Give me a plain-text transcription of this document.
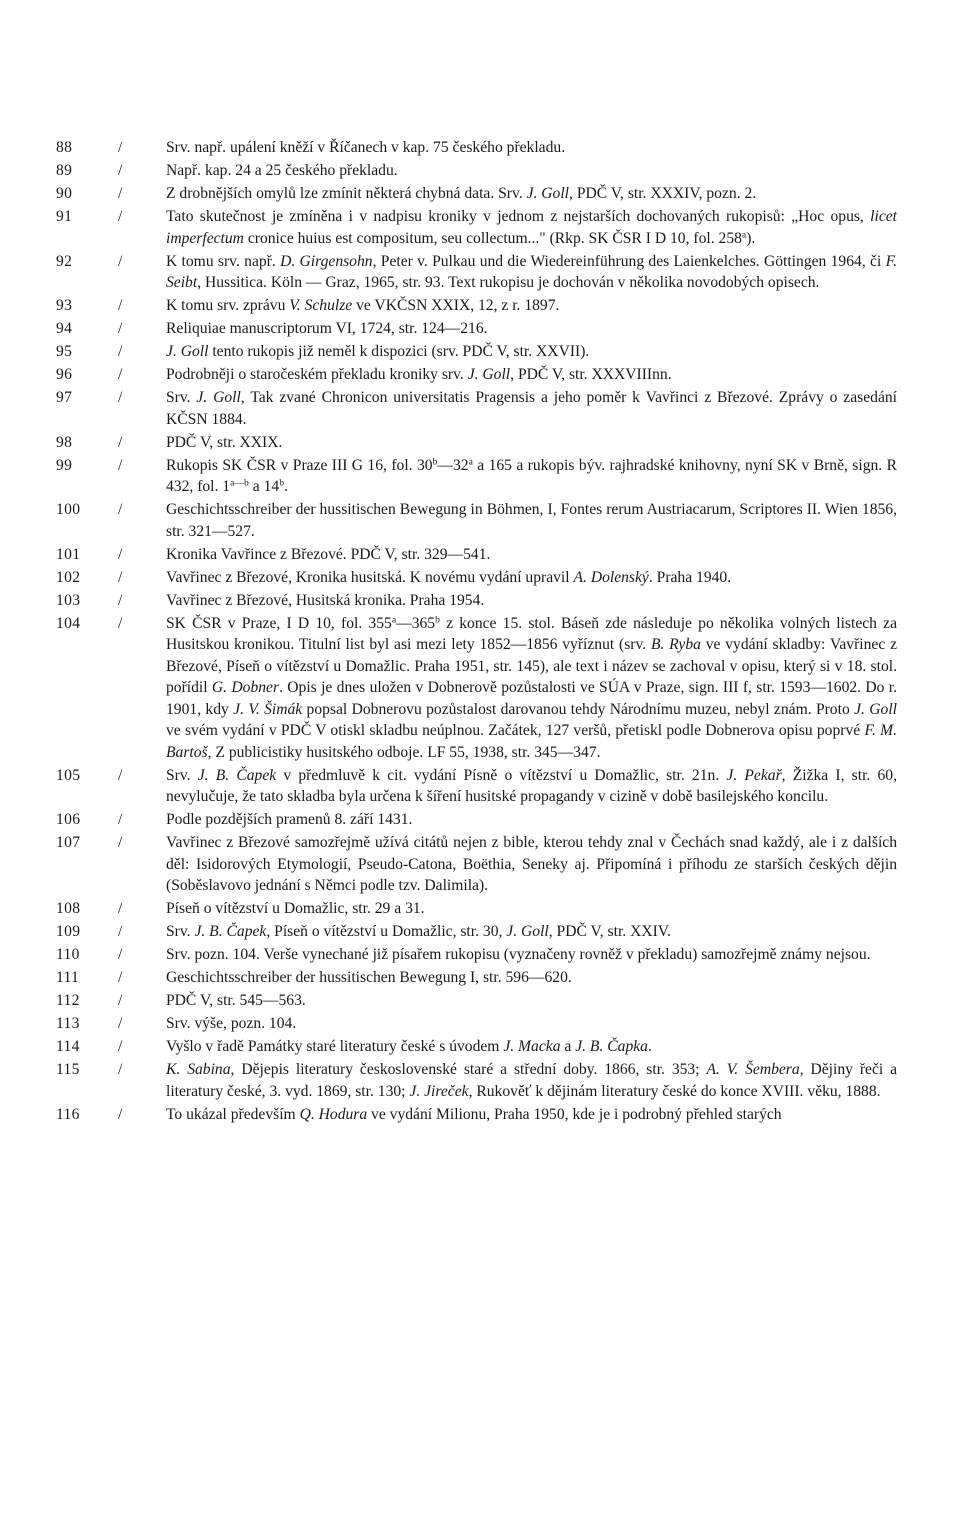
88	/	Srv. např. upálení kněží v Říčanech v kap. 75 českého překladu.
89	/	Např. kap. 24 a 25 českého překladu.
90	/	Z drobnějších omylů lze zmínit některá chybná data. Srv. J. Goll, PDČ V, str. XXXIV, pozn. 2.
91	/	Tato skutečnost je zmíněna i v nadpisu kroniky v jednom z nejstarších dochovaných rukopisů: „Hoc opus, licet imperfectum cronice huius est compositum, seu collectum..." (Rkp. SK ČSR I D 10, fol. 258$^a$).
92	/	K tomu srv. např. D. Girgensohn, Peter v. Pulkau und die Wiedereinführung des Laienkelches. Göttingen 1964, či F. Seibt, Hussitica. Köln — Graz, 1965, str. 93. Text rukopisu je dochován v několika novodobých opisech.
93	/	K tomu srv. zprávu V. Schulze ve VKČSN XXIX, 12, z r. 1897.
94	/	Reliquiae manuscriptorum VI, 1724, str. 124—216.
95	/	J. Goll tento rukopis již neměl k dispozici (srv. PDČ V, str. XXVII).
96	/	Podrobněji o staročeském překladu kroniky srv. J. Goll, PDČ V, str. XXXVIIInn.
97	/	Srv. J. Goll, Tak zvané Chronicon universitatis Pragensis a jeho poměr k Vavřinci z Březové. Zprávy o zasedání KČSN 1884.
98	/	PDČ V, str. XXIX.
99	/	Rukopis SK ČSR v Praze III G 16, fol. 30$^b$—32$^a$ a 165 a rukopis býv. rajhradské knihovny, nyní SK v Brně, sign. R 432, fol. $1^{a—b}$ a 14$^b$.
100	/	Geschichtsschreiber der hussitischen Bewegung in Böhmen, I, Fontes rerum Austriacarum, Scriptores II. Wien 1856, str. 321—527.
101	/	Kronika Vavřince z Březové. PDČ V, str. 329—541.
102	/	Vavřinec z Březové, Kronika husitská. K novému vydání upravil A. Dolenský. Praha 1940.
103	/	Vavřinec z Březové, Husitská kronika. Praha 1954.
104	/	SK ČSR v Praze, I D 10, fol. 355$^a$—365$^b$ z konce 15. stol. Báseň zde následuje po několika volných listech za Husitskou kronikou. Titulní list byl asi mezi lety 1852—1856 vyříznut (srv. B. Ryba ve vydání skladby: Vavřinec z Březové, Píseň o vítězství u Domažlic. Praha 1951, str. 145), ale text i název se zachoval v opisu, který si v 18. stol. pořídil G. Dobner. Opis je dnes uložen v Dobnerově pozůstalosti ve SÚA v Praze, sign. III f, str. 1593—1602. Do r. 1901, kdy J. V. Šimák popsal Dobnerovu pozůstalost darovanou tehdy Národnímu muzeu, nebyl znám. Proto J. Goll ve svém vydání v PDČ V otiskl skladbu neúplnou. Začátek, 127 veršů, přetiskl podle Dobnerova opisu poprvé F. M. Bartoš, Z publicistiky husitského odboje. LF 55, 1938, str. 345—347.
105	/	Srv. J. B. Čapek v předmluvě k cit. vydání Písně o vítězství u Domažlic, str. 21n. J. Pekař, Žižka I, str. 60, nevylučuje, že tato skladba byla určena k šíření husitské propagandy v cizině v době basilejského koncilu.
106	/	Podle pozdějších pramenů 8. září 1431.
107	/	Vavřinec z Březové samozřejmě užívá citátů nejen z bible, kterou tehdy znal v Čechách snad každý, ale i z dalších děl: Isidorových Etymologií, Pseudo-Catona, Boëthia, Seneky aj. Připomíná i příhodu ze starších českých dějin (Soběslavovo jednání s Němci podle tzv. Dalimila).
108	/	Píseň o vítězství u Domažlic, str. 29 a 31.
109	/	Srv. J. B. Čapek, Píseň o vítězství u Domažlic, str. 30, J. Goll, PDČ V, str. XXIV.
110	/	Srv. pozn. 104. Verše vynechané již písařem rukopisu (vyznačeny rovněž v překladu) samozřejmě známy nejsou.
111	/	Geschichtsschreiber der hussitischen Bewegung I, str. 596—620.
112	/	PDČ V, str. 545—563.
113	/	Srv. výše, pozn. 104.
114	/	Vyšlo v řadě Památky staré literatury české s úvodem J. Macka a J. B. Čapka.
115	/	K. Sabina, Dějepis literatury československé staré a střední doby. 1866, str. 353; A. V. Šembera, Dějiny řeči a literatury české, 3. vyd. 1869, str. 130; J. Jireček, Rukověť k dějinám literatury české do konce XVIII. věku, 1888.
116	/	To ukázal především Q. Hodura ve vydání Milionu, Praha 1950, kde je i podrobný přehled starých
